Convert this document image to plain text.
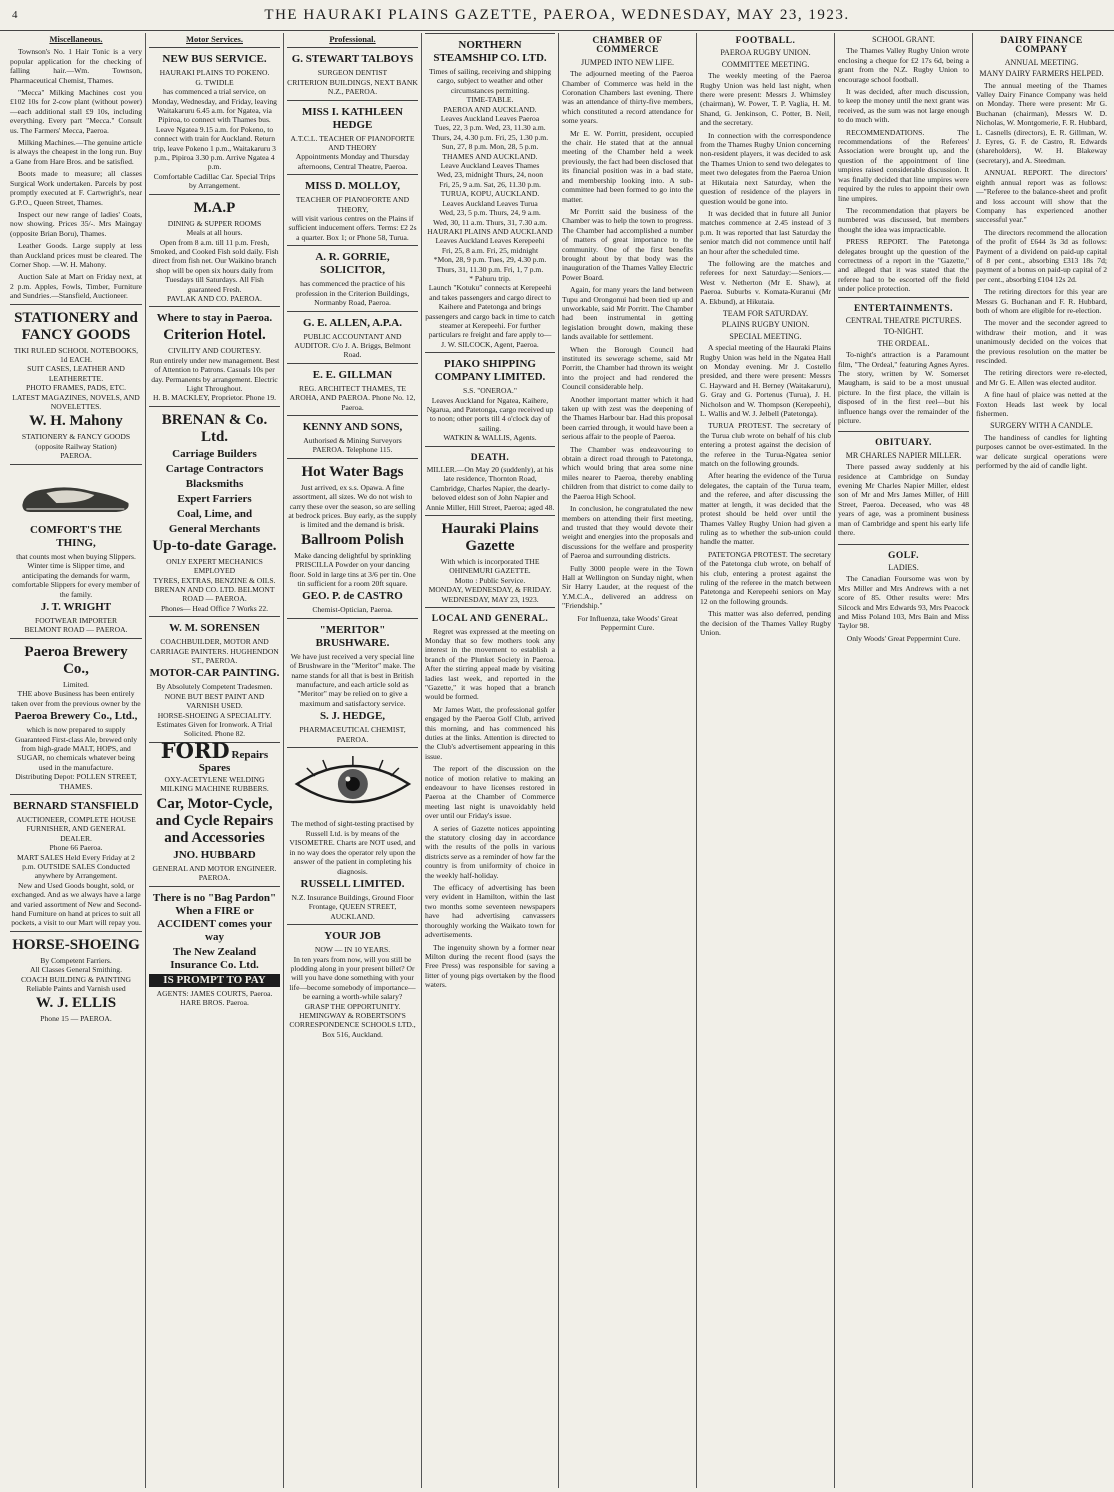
4	THE HAURAKI PLAINS GAZETTE, PAEROA, WEDNESDAY, MAY 23, 1923.
Miscellaneous.

Townson's No. 1 Hair Tonic is a very popular application for the checking of falling hair.—Wm. Townson, Pharmaceutical Chemist, Thames.

"Mecca" Milking Machines cost you £102 10s for 2-cow plant (without power)—each additional stall £9 10s, including everything. Every part "Mecca." Consult us. The Farmers' Mecca, Paeroa.

Milking Machines.—The genuine article is always the cheapest in the long run. Buy a Gane from Hare Bros. and be satisfied.

Boots made to measure; all classes Surgical Work undertaken. Parcels by post promptly executed at F. Cartwright's, near G.P.O., Queen Street, Thames.

Inspect our new range of ladies' Coats, now showing. Prices 35/-. Mrs Maingay (opposite Brian Boru), Thames.

Leather Goods. Large supply at less than Auckland prices must be cleared. The Corner Shop. —W. H. Mahony.

Auction Sale at Mart on Friday next, at 2 p.m. Apples, Fowls, Timber, Furniture and Sundries.—Stansfield, Auctioneer.

STATIONERY and FANCY GOODS
TIKI RULED SCHOOL NOTEBOOKS, 1d EACH.
SUIT CASES, LEATHER AND LEATHERETTE.
PHOTO FRAMES, PADS, ETC.
LATEST MAGAZINES, NOVELS, AND NOVELETTES.
W. H. Mahony
STATIONERY & FANCY GOODS
(opposite Railway Station)
PAEROA.
COMFORT'S THE THING,
that counts most when buying Slippers. Winter time is Slipper time, and anticipating the demands for warm, comfortable Slippers for every member of the family.
J. T. WRIGHT
FOOTWEAR IMPORTER
BELMONT ROAD — PAEROA.
Paeroa Brewery Co.,
Limited.
THE above Business has been entirely taken over from the previous owner by the
Paeroa Brewery Co., Ltd.,
which is now prepared to supply Guaranteed First-class Ale, brewed only from high-grade MALT, HOPS, and SUGAR, no chemicals whatever being used in the manufacture.
Distributing Depot: POLLEN STREET, THAMES.
BERNARD STANSFIELD
AUCTIONEER, COMPLETE HOUSE FURNISHER, AND GENERAL DEALER.
Phone 66 Paeroa.
MART SALES Held Every Friday at 2 p.m. OUTSIDE SALES Conducted anywhere by Arrangement.
New and Used Goods bought, sold, or exchanged. And as we always have a large and varied assortment of New and Second-hand Furniture on hand at prices to suit all pockets, a visit to our Mart will repay you.
HORSE-SHOEING
By Competent Farriers.
All Classes General Smithing.
COACH BUILDING & PAINTING
Reliable Paints and Varnish used
W. J. ELLIS
Phone 15 — PAEROA.
Motor Services.
NEW BUS SERVICE.
HAURAKI PLAINS TO POKENO.
G. TWIDLE
has commenced a trial service, on Monday, Wednesday, and Friday, leaving Waitakaruru 6.45 a.m. for Ngatea, via Pipiroa, to connect with Thames bus. Leave Ngatea 9.15 a.m. for Pokeno, to connect with train for Auckland. Return trip, leave Pokeno 1 p.m., Waitakaruru 3 p.m., Pipiroa 3.30 p.m. Arrive Ngatea 4 p.m.
Comfortable Cadillac Car. Special Trips by Arrangement.
M.A.P
DINING & SUPPER ROOMS
Meals at all hours.
Open from 8 a.m. till 11 p.m. Fresh, Smoked, and Cooked Fish sold daily. Fish direct from fish net. Our Waikino branch shop will be open six hours daily from Tuesdays till Saturdays. All Fish guaranteed Fresh.
PAVLAK AND CO. PAEROA.
Where to stay in Paeroa.
Criterion Hotel.
CIVILITY AND COURTESY.
Run entirely under new management. Best of Attention to Patrons. Casuals 10s per day. Permanents by arrangement. Electric Light Throughout.
H. B. MACKLEY, Proprietor. Phone 19.
BRENAN & Co. Ltd.
Carriage Builders
Cartage Contractors
Blacksmiths
Expert Farriers
Coal, Lime, and
General Merchants
Up-to-date Garage.
ONLY EXPERT MECHANICS EMPLOYED
TYRES, EXTRAS, BENZINE & OILS.
BRENAN AND CO. LTD. BELMONT ROAD — PAEROA.
Phones— Head Office 7 Works 22.
W. M. SORENSEN
COACHBUILDER, MOTOR AND CARRIAGE PAINTERS. HUGHENDON ST., PAEROA.
MOTOR-CAR PAINTING.
By Absolutely Competent Tradesmen.
NONE BUT BEST PAINT AND VARNISH USED.
HORSE-SHOEING A SPECIALITY.
Estimates Given for Ironwork. A Trial Solicited. Phone 82.
FORD Repairs Spares
OXY-ACETYLENE WELDING
MILKING MACHINE RUBBERS.
Car, Motor-Cycle, and Cycle Repairs and Accessories
JNO. HUBBARD
GENERAL AND MOTOR ENGINEER. PAEROA.
There is no "Bag Pardon" When a FIRE or ACCIDENT comes your way
The New Zealand Insurance Co. Ltd.
IS PROMPT TO PAY
AGENTS: JAMES COURTS, Paeroa. HARE BROS. Paeroa.
Professional.
G. STEWART TALBOYS
SURGEON DENTIST
CRITERION BUILDINGS, NEXT BANK N.Z., PAEROA.
MISS I. KATHLEEN HEDGE
A.T.C.L. TEACHER OF PIANOFORTE AND THEORY
Appointments Monday and Thursday afternoons, Central Theatre, Paeroa.
MISS D. MOLLOY,
TEACHER OF PIANOFORTE AND THEORY,
will visit various centres on the Plains if sufficient inducement offers. Terms: £2 2s a quarter. Box 1; or Phone 58, Turua.
A. R. GORRIE, SOLICITOR,
has commenced the practice of his profession in the Criterion Buildings, Normanby Road, Paeroa.
G. E. ALLEN, A.P.A.
PUBLIC ACCOUNTANT AND AUDITOR. C/o J. A. Briggs, Belmont Road.
E. E. GILLMAN
REG. ARCHITECT THAMES, TE AROHA, AND PAEROA. Phone No. 12, Paeroa.
KENNY AND SONS,
Authorised & Mining Surveyors PAEROA. Telephone 115.
Hot Water Bags
Just arrived, ex s.s. Opawa. A fine assortment, all sizes. We do not wish to carry these over the season, so are selling at bedrock prices. Buy early, as the supply is limited and the demand is brisk.
Ballroom Polish
Make dancing delightful by sprinkling PRISCILLA Powder on your dancing floor. Sold in large tins at 3/6 per tin. One tin sufficient for a room 20ft square.
GEO. P. de CASTRO
Chemist-Optician, Paeroa.
"MERITOR" BRUSHWARE.
We have just received a very special line of Brushware in the "Meritor" make. The name stands for all that is best in British manufacture, and each article sold as "Meritor" may be relied on to give a maximum and satisfactory service.
S. J. HEDGE,
PHARMACEUTICAL CHEMIST, PAEROA.
The method of sight-testing practised by Russell Ltd. is by means of the VISOMETRE. Charts are NOT used, and in no way does the operator rely upon the answer of the patient in completing his diagnosis.
RUSSELL LIMITED.
N.Z. Insurance Buildings, Ground Floor Frontage, QUEEN STREET, AUCKLAND.
YOUR JOB
NOW — IN 10 YEARS.
In ten years from now, will you still be plodding along in your present billet? Or will you have done something with your life—become somebody of importance—be earning a worth-while salary?
GRASP THE OPPORTUNITY.
HEMINGWAY & ROBERTSON'S CORRESPONDENCE SCHOOLS LTD., Box 516, Auckland.
NORTHERN STEAMSHIP CO. LTD.
Times of sailing, receiving and shipping cargo, subject to weather and other circumstances permitting.
TIME-TABLE.
PAEROA AND AUCKLAND.
Leaves Auckland Leaves Paeroa
Tues, 22, 3 p.m. Wed, 23, 11.30 a.m.
Thurs, 24, 4.30 p.m. Fri, 25, 1.30 p.m.
Sun, 27, 8 p.m. Mon, 28, 5 p.m.
THAMES AND AUCKLAND.
Leave Auckland Leaves Thames
Wed, 23, midnight Thurs, 24, noon
Fri, 25, 9 a.m. Sat, 26, 11.30 p.m.
TURUA, KOPU, AUCKLAND.
Leaves Auckland Leaves Turua
Wed, 23, 5 p.m. Thurs, 24, 9 a.m.
Wed, 30, 11 a.m. Thurs, 31, 7.30 a.m.
HAURAKI PLAINS AND AUCKLAND
Leaves Auckland Leaves Kerepeehi
Fri, 25, 8 a.m. Fri, 25, midnight
*Mon, 28, 9 p.m. Tues, 29, 4.30 p.m.
Thurs, 31, 11.30 p.m. Fri, 1, 7 p.m.
* Pahuru trip.
Launch "Kotuku" connects at Kerepeehi and takes passengers and cargo direct to Kaihere and Patetonga and brings passengers and cargo back in time to catch steamer at Kerepeehi. For further particulars re freight and fare apply to—
J. W. SILCOCK, Agent, Paeroa.
PIAKO SHIPPING COMPANY LIMITED.
S.S. "ONEROA."
Leaves Auckland for Ngatea, Kaihere, Ngarua, and Patetonga, cargo received up to noon; other ports till 4 o'clock day of sailing.
WATKIN & WALLIS, Agents.
DEATH.
MILLER.—On May 20 (suddenly), at his late residence, Thornton Road, Cambridge, Charles Napier, the dearly-beloved eldest son of John Napier and Annie Miller, Hill Street, Paeroa; aged 48.
Hauraki Plains Gazette
With which is incorporated THE OHINEMURI GAZETTE.
Motto : Public Service.
MONDAY, WEDNESDAY, & FRIDAY.
WEDNESDAY, MAY 23, 1923.
LOCAL AND GENERAL.

Regret was expressed at the meeting on Monday that so few mothers took any interest in the movement to establish a branch of the Plunket Society in Paeroa. After the stirring appeal made by visiting ladies last week, and reported in the "Gazette," it was hoped that a branch would be formed.

Mr James Watt, the professional golfer engaged by the Paeroa Golf Club, arrived this morning, and has commenced his duties at the links. Attention is directed to the Club's advertisement appearing in this issue.

The report of the discussion on the notice of motion relative to making an endeavour to have licenses restored in Paeroa at the Chamber of Commerce meeting last night is unavoidably held over until our Friday's issue.

A series of Gazette notices appointing the statutory closing day in accordance with the results of the polls in various districts serve as a reminder of how far the country is from uniformity of choice in the weekly half-holiday.

The efficacy of advertising has been very evident in Hamilton, within the last two months some seventeen newspapers have had advertising canvassers thoroughly working the Waikato town for advertisements.

The ingenuity shown by a former near Milton during the recent flood (says the Free Press) was responsible for saving a litter of young pigs overtaken by the flood waters.

CHAMBER OF COMMERCE
JUMPED INTO NEW LIFE.

The adjourned meeting of the Paeroa Chamber of Commerce was held in the Coronation Chambers last evening. There was an attendance of thirty-five members, which constituted a record attendance for some years.

Mr E. W. Porritt, president, occupied the chair. He stated that at the annual meeting of the Chamber held a week previously, the fact had been disclosed that its financial position was in a bad state, and membership looking into. A sub-committee had been formed to go into the matter.

Mr Porritt said the business of the Chamber was to help the town to progress. The Chamber had accomplished a number of matters of great importance to the community. One of the first benefits brought about by that body was the inauguration of the Thames Valley Electric Power Board.

Again, for many years the land between Tupu and Orongonui had been tied up and unworkable, said Mr Porritt. The Chamber had been instrumental in getting legislation brought down, making these lands available for settlement.

When the Borough Council had instituted its sewerage scheme, said Mr Porritt, the Chamber had thrown its weight into the project and had rendered the Council considerable help.

Another important matter which it had taken up with zest was the deepening of the Thames Harbour bar. Had this proposal been carried through, it would have been a serious affair to the people of Paeroa.

The Chamber was endeavouring to obtain a direct road through to Patetonga, which would bring that area some nine miles nearer to Paeroa, thereby enabling children from that district to come daily to the Paeroa High School.

In conclusion, he congratulated the new members on attending their first meeting, and trusted that they would devote their weight and energies into the proposals and discussions for the welfare and prosperity of Paeroa and surrounding districts.

Fully 3000 people were in the Town Hall at Wellington on Sunday night, when Sir Harry Lauder, at the request of the Y.M.C.A., delivered an address on "Friendship."

For Influenza, take Woods' Great Peppermint Cure.
FOOTBALL.
PAEROA RUGBY UNION.
COMMITTEE MEETING.

The weekly meeting of the Paeroa Rugby Union was held last night, when there were present: Messrs J. Whimsley (chairman), W. Power, T. P. Vaglia, H. M. Shand, G. Jenkinson, C. Potter, B. Neil, and the secretary.

In connection with the correspondence from the Thames Rugby Union concerning non-resident players, it was decided to ask the Thames Union to send two delegates to meet two delegates from the Paeroa Union at Hikutaia next Saturday, when the question of residence of the players in question would be gone into.

It was decided that in future all Junior matches commence at 2.45 instead of 3 p.m. It was reported that last Saturday the senior match did not commence until half an hour after the scheduled time.

The following are the matches and referees for next Saturday:—Seniors.—West v. Netherton (Mr E. Shaw), at Paeroa. Suburbs v. Komata-Kuranui (Mr A. Ekbund), at Hikutaia.

TEAM FOR SATURDAY.
PLAINS RUGBY UNION.
SPECIAL MEETING.

A special meeting of the Hauraki Plains Rugby Union was held in the Ngatea Hall on Monday evening. Mr J. Costello presided, and there were present: Messrs C. Hayward and H. Berney (Waitakaruru), G. Gray and G. Portenus (Turua), J. H. Nicholson and W. Thompson (Kerepeehi), L. Wallis and W. J. Jelbell (Patetonga).

TURUA PROTEST. The secretary of the Turua club wrote on behalf of his club entering a protest against the decision of the referee in the Turua-Ngatea senior match on the following grounds.

After hearing the evidence of the Turua delegates, the captain of the Turua team, and the referee, and after discussing the matter at length, it was decided that the protest should be held over until the Thames Valley Rugby Union had given a ruling as to whether the sub-union could handle the matter.

PATETONGA PROTEST. The secretary of the Patetonga club wrote, on behalf of his club, entering a protest against the ruling of the referee in the match between Patetonga and Kerepeehi seniors on May 12 on the following grounds.

This matter was also deferred, pending the decision of the Thames Valley Rugby Union.

SCHOOL GRANT.

The Thames Valley Rugby Union wrote enclosing a cheque for £2 17s 6d, being a grant from the N.Z. Rugby Union to encourage school football.

It was decided, after much discussion, to keep the money until the next grant was received, as the sum was not large enough to do much with.

RECOMMENDATIONS. The recommendations of the Referees' Association were brought up, and the question of the appointment of line umpires raised considerable discussion. It was finally decided that line umpires were required by the rules to appoint their own line umpires.

The recommendation that players be numbered was discussed, but members thought the idea was impracticable.

PRESS REPORT. The Patetonga delegates brought up the question of the correctness of a report in the "Gazette," and alleged that it was stated that the referee had to be escorted off the field under police protection.

ENTERTAINMENTS.
CENTRAL THEATRE PICTURES.
TO-NIGHT.
THE ORDEAL.

To-night's attraction is a Paramount film, "The Ordeal," featuring Agnes Ayres. The story, written by W. Somerset Maugham, is said to be a most unusual picture. In the first place, the villain is disposed of in the first reel—but his influence hangs over the remainder of the picture.

OBITUARY.
MR CHARLES NAPIER MILLER.

There passed away suddenly at his residence at Cambridge on Sunday evening Mr Charles Napier Miller, eldest son of Mr and Mrs James Miller, of Hill Street, Paeroa. Deceased, who was 48 years of age, was a prominent business man of Cambridge and spent his early life there.

GOLF.
LADIES.

The Canadian Foursome was won by Mrs Miller and Mrs Andrews with a net score of 85. Other results were: Mrs Silcock and Mrs Edwards 93, Mrs Peacock and Miss Poland 103, Mrs Bain and Miss Taylor 98.

Only Woods' Great Peppermint Cure.
DAIRY FINANCE COMPANY
ANNUAL MEETING.
MANY DAIRY FARMERS HELPED.

The annual meeting of the Thames Valley Dairy Finance Company was held on Monday. There were present: Mr G. Buchanan (chairman), Messrs W. D. Nicholas, W. Montgomerie, F. R. Hubbard, L. Casnells (directors), E. R. Gillman, W. J. Eyres, G. F. de Castro, R. Edwards (shareholders), W. H. Blakeway (secretary), and A. Steedman.

ANNUAL REPORT. The directors' eighth annual report was as follows:—"Referee to the balance-sheet and profit and loss account will show that the Company has experienced another successful year."

The directors recommend the allocation of the profit of £644 3s 3d as follows: Payment of a dividend on paid-up capital of 8 per cent., absorbing £313 18s 7d; payment of a bonus on paid-up capital of 2 per cent., absorbing £104 12s 2d.

The retiring directors for this year are Messrs G. Buchanan and F. R. Hubbard, both of whom are eligible for re-election.

The mover and the seconder agreed to withdraw their motion, and it was unanimously decided on the voices that the previous resolution on the matter be rescinded.

The retiring directors were re-elected, and Mr G. E. Allen was elected auditor.

A fine haul of plaice was netted at the Foxton Heads last week by local fishermen.

SURGERY WITH A CANDLE.

The handiness of candles for lighting purposes cannot be over-estimated. In the war delicate surgical operations were performed by the aid of candle light.
